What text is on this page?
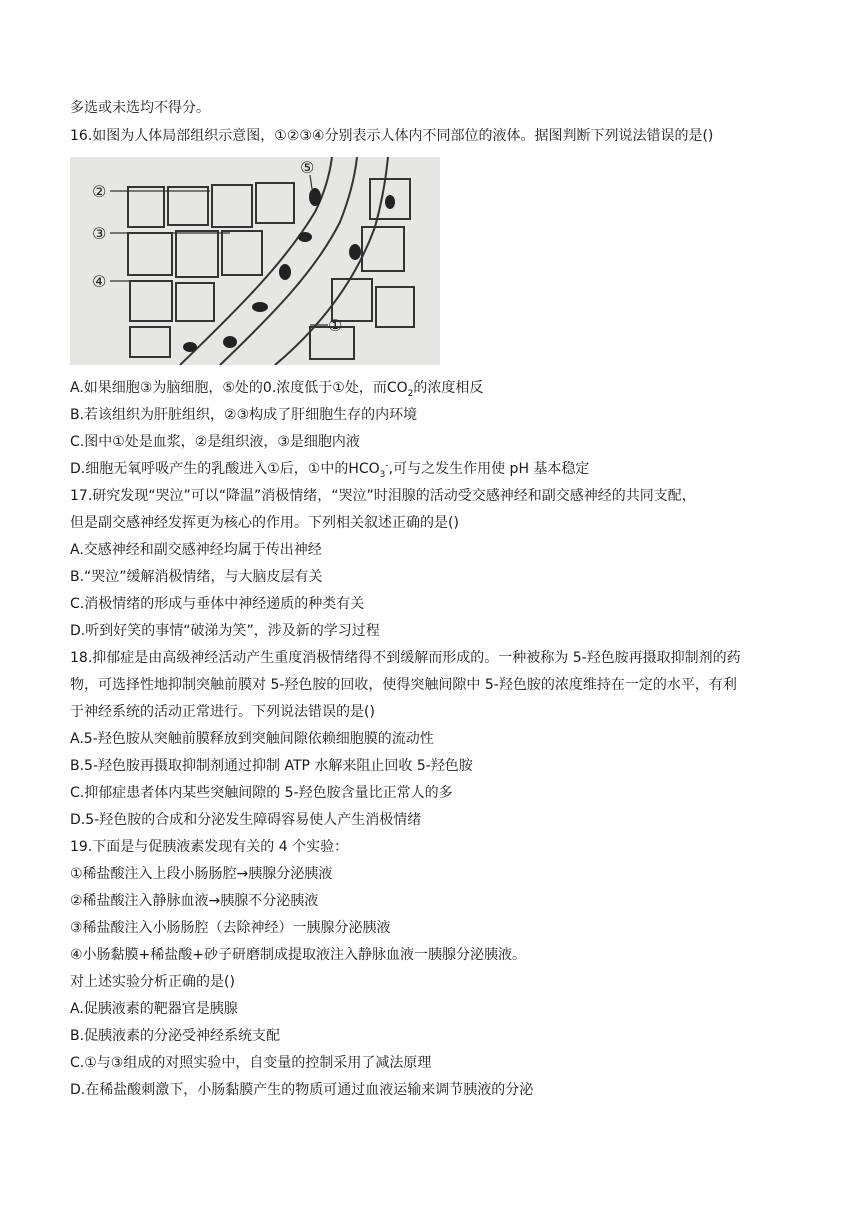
多选或未选均不得分。
16.如图为人体局部组织示意图，①②③④分别表示人体内不同部位的液体。据图判断下列说法错误的是()
②
③
④
①
⑤
A.如果细胞③为脑细胞，⑤处的0.浓度低于①处，而$CO_2$的浓度相反
B.若该组织为肝脏组织，②③构成了肝细胞生存的内环境
C.图中①处是血浆，②是组织液，③是细胞内液
D.细胞无氧呼吸产生的乳酸进入①后，①中的$HCO_3^-$,可与之发生作用使 pH 基本稳定
17.研究发现“哭泣”可以“降温”消极情绪，“哭泣”时泪腺的活动受交感神经和副交感神经的共同支配，
但是副交感神经发挥更为核心的作用。下列相关叙述正确的是()
A.交感神经和副交感神经均属于传出神经
B.“哭泣”缓解消极情绪，与大脑皮层有关
C.消极情绪的形成与垂体中神经递质的种类有关
D.听到好笑的事情“破涕为笑”，涉及新的学习过程
18.抑郁症是由高级神经活动产生重度消极情绪得不到缓解而形成的。一种被称为 5-羟色胺再摄取抑制剂的药
物，可选择性地抑制突触前膜对 5-羟色胺的回收，使得突触间隙中 5-羟色胺的浓度维持在一定的水平，有利
于神经系统的活动正常进行。下列说法错误的是()
A.5-羟色胺从突触前膜释放到突触间隙依赖细胞膜的流动性
B.5-羟色胺再摄取抑制剂通过抑制 ATP 水解来阻止回收 5-羟色胺
C.抑郁症患者体内某些突触间隙的 5-羟色胺含量比正常人的多
D.5-羟色胺的合成和分泌发生障碍容易使人产生消极情绪
19.下面是与促胰液素发现有关的 4 个实验：
①稀盐酸注入上段小肠肠腔→胰腺分泌胰液
②稀盐酸注入静脉血液→胰腺不分泌胰液
③稀盐酸注入小肠肠腔（去除神经）一胰腺分泌胰液
④小肠黏膜+稀盐酸+砂子研磨制成提取液注入静脉血液一胰腺分泌胰液。
对上述实验分析正确的是()
A.促胰液素的靶器官是胰腺
B.促胰液素的分泌受神经系统支配
C.①与③组成的对照实验中，自变量的控制采用了减法原理
D.在稀盐酸刺激下，小肠黏膜产生的物质可通过血液运输来调节胰液的分泌
